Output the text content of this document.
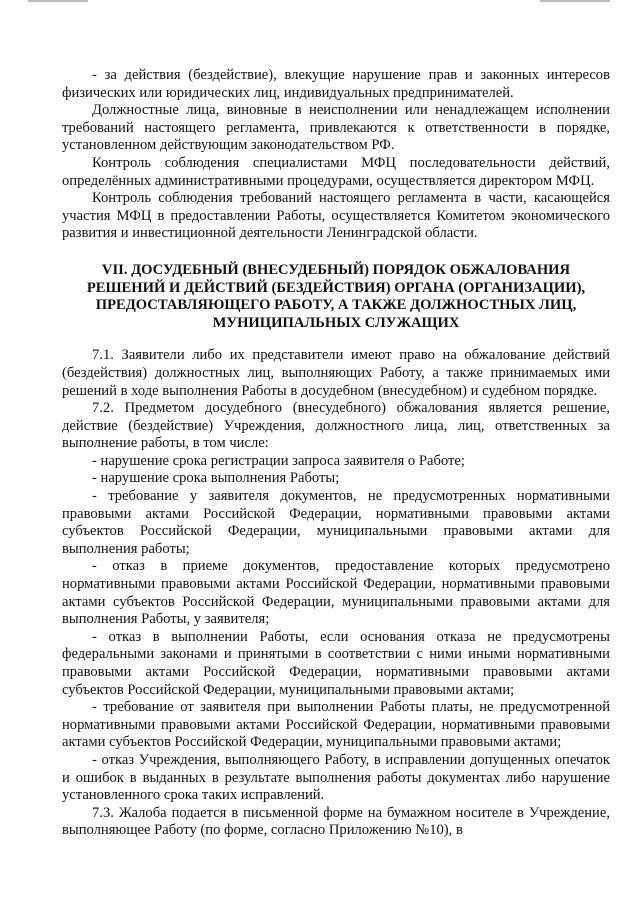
- за действия (бездействие), влекущие нарушение прав и законных интересов физических или юридических лиц, индивидуальных предпринимателей.

Должностные лица, виновные в неисполнении или ненадлежащем исполнении требований настоящего регламента, привлекаются к ответственности в порядке, установленном действующим законодательством РФ.

Контроль соблюдения специалистами МФЦ последовательности действий, определённых административными процедурами, осуществляется директором МФЦ.

Контроль соблюдения требований настоящего регламента в части, касающейся участия МФЦ в предоставлении Работы, осуществляется Комитетом экономического развития и инвестиционной деятельности Ленинградской области.

VII. ДОСУДЕБНЫЙ (ВНЕСУДЕБНЫЙ) ПОРЯДОК ОБЖАЛОВАНИЯ
РЕШЕНИЙ И ДЕЙСТВИЙ (БЕЗДЕЙСТВИЯ) ОРГАНА (ОРГАНИЗАЦИИ),
ПРЕДОСТАВЛЯЮЩЕГО РАБОТУ, А ТАКЖЕ ДОЛЖНОСТНЫХ ЛИЦ,
МУНИЦИПАЛЬНЫХ СЛУЖАЩИХ

7.1. Заявители либо их представители имеют право на обжалование действий (бездействия) должностных лиц, выполняющих Работу, а также принимаемых ими решений в ходе выполнения Работы в досудебном (внесудебном) и судебном порядке.

7.2. Предметом досудебного (внесудебного) обжалования является решение, действие (бездействие) Учреждения, должностного лица, лиц, ответственных за выполнение работы, в том числе:

- нарушение срока регистрации запроса заявителя о Работе;

- нарушение срока выполнения Работы;

- требование у заявителя документов, не предусмотренных нормативными правовыми актами Российской Федерации, нормативными правовыми актами субъектов Российской Федерации, муниципальными правовыми актами для выполнения работы;

- отказ в приеме документов, предоставление которых предусмотрено нормативными правовыми актами Российской Федерации, нормативными правовыми актами субъектов Российской Федерации, муниципальными правовыми актами для выполнения Работы, у заявителя;

- отказ в выполнении Работы, если основания отказа не предусмотрены федеральными законами и принятыми в соответствии с ними иными нормативными правовыми актами Российской Федерации, нормативными правовыми актами субъектов Российской Федерации, муниципальными правовыми актами;

- требование от заявителя при выполнении Работы платы, не предусмотренной нормативными правовыми актами Российской Федерации, нормативными правовыми актами субъектов Российской Федерации, муниципальными правовыми актами;

- отказ Учреждения, выполняющего Работу, в исправлении допущенных опечаток и ошибок в выданных в результате выполнения работы документах либо нарушение установленного срока таких исправлений.

7.3. Жалоба подается в письменной форме на бумажном носителе в Учреждение, выполняющее Работу (по форме, согласно Приложению №10), в
